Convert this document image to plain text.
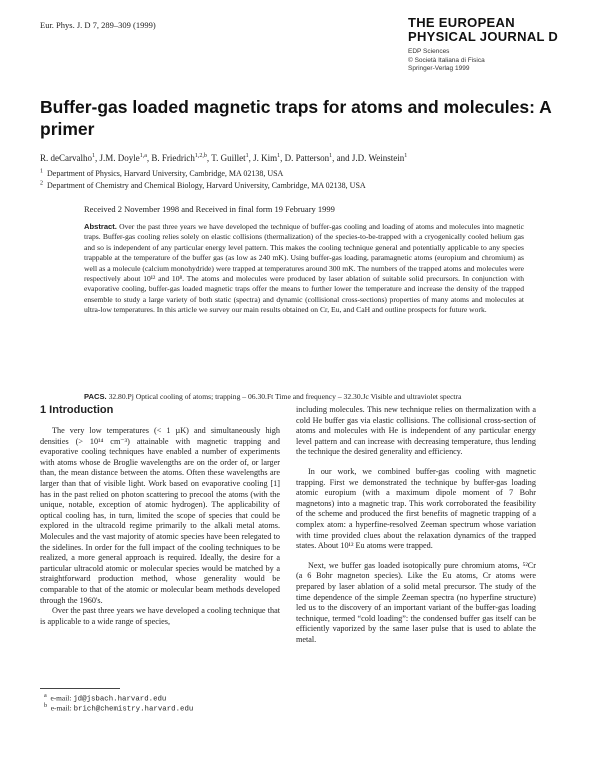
Eur. Phys. J. D 7, 289–309 (1999)	THE EUROPEAN
PHYSICAL JOURNAL D
EDP Sciences
© Società Italiana di Fisica
Springer-Verlag 1999
Buffer-gas loaded magnetic traps for atoms and molecules: A primer
R. deCarvalho$^1$, J.M. Doyle$^{1,a}$, B. Friedrich$^{1,2,b}$, T. Guillet$^1$, J. Kim$^1$, D. Patterson$^1$, and J.D. Weinstein$^1$
$^1$ Department of Physics, Harvard University, Cambridge, MA 02138, USA
$^2$ Department of Chemistry and Chemical Biology, Harvard University, Cambridge, MA 02138, USA
Received 2 November 1998 and Received in final form 19 February 1999
Abstract. Over the past three years we have developed the technique of buffer-gas cooling and loading of atoms and molecules into magnetic traps. Buffer-gas cooling relies solely on elastic collisions (thermalization) of the species-to-be-trapped with a cryogenically cooled helium gas and so is independent of any particular energy level pattern. This makes the cooling technique general and potentially applicable to any species trappable at the temperature of the buffer gas (as low as 240 mK). Using buffer-gas loading, paramagnetic atoms (europium and chromium) as well as a molecule (calcium monohydride) were trapped at temperatures around 300 mK. The numbers of the trapped atoms and molecules were respectively about 10¹² and 10⁸. The atoms and molecules were produced by laser ablation of suitable solid precursors. In conjunction with evaporative cooling, buffer-gas loaded magnetic traps offer the means to further lower the temperature and increase the density of the trapped ensemble to study a large variety of both static (spectra) and dynamic (collisional cross-sections) properties of many atoms and molecules at ultra-low temperatures. In this article we survey our main results obtained on Cr, Eu, and CaH and outline prospects for future work.
PACS. 32.80.Pj Optical cooling of atoms; trapping – 06.30.Ft Time and frequency – 32.30.Jc Visible and ultraviolet spectra
1 Introduction

The very low temperatures (< 1 µK) and simultaneously high densities (> 10¹⁴ cm⁻³) attainable with magnetic trapping and evaporative cooling techniques have enabled a number of experiments with atoms whose de Broglie wavelengths are on the order of, or larger than, the mean distance between the atoms. Often these wavelengths are larger than that of visible light. Work based on evaporative cooling [1] has in the past relied on photon scattering to precool the atoms (with the unique, notable, exception of atomic hydrogen). The applicability of optical cooling has, in turn, limited the scope of species that could be explored in the ultracold regime primarily to the alkali metal atoms. Molecules and the vast majority of atomic species have been relegated to the sidelines. In order for the full impact of the cooling techniques to be realized, a more general approach is required. Ideally, the desire for a particular ultracold atomic or molecular species would be matched by a straightforward production method, whose generality would be comparable to that of the atomic or molecular beam methods developed through the 1960's.

Over the past three years we have developed a cooling technique that is applicable to a wide range of species,

including molecules. This new technique relies on thermalization with a cold He buffer gas via elastic collisions. The collisional cross-section of atoms and molecules with He is independent of any particular energy level pattern and can increase with decreasing temperature, thus lending the technique the desired generality and efficiency.

In our work, we combined buffer-gas cooling with magnetic trapping. First we demonstrated the technique by buffer-gas loading atomic europium (with a maximum dipole moment of 7 Bohr magnetons) into a magnetic trap. This work corroborated the feasibility of the scheme and produced the first benefits of magnetic trapping of a complex atom: a hyperfine-resolved Zeeman spectrum whose variation with time provided clues about the relaxation dynamics of the trapped states. About 10¹² Eu atoms were trapped.

Next, we buffer gas loaded isotopically pure chromium atoms, ⁵²Cr (a 6 Bohr magneton species). Like the Eu atoms, Cr atoms were prepared by laser ablation of a solid metal precursor. The study of the time dependence of the simple Zeeman spectra (no hyperfine structure) led us to the discovery of an important variant of the buffer-gas loading technique, termed “cold loading”: the condensed buffer gas itself can be efficiently vaporized by the same laser pulse that is used to ablate the metal.

$^a$ e-mail: jd@jsbach.harvard.edu
$^b$ e-mail: brich@chemistry.harvard.edu
